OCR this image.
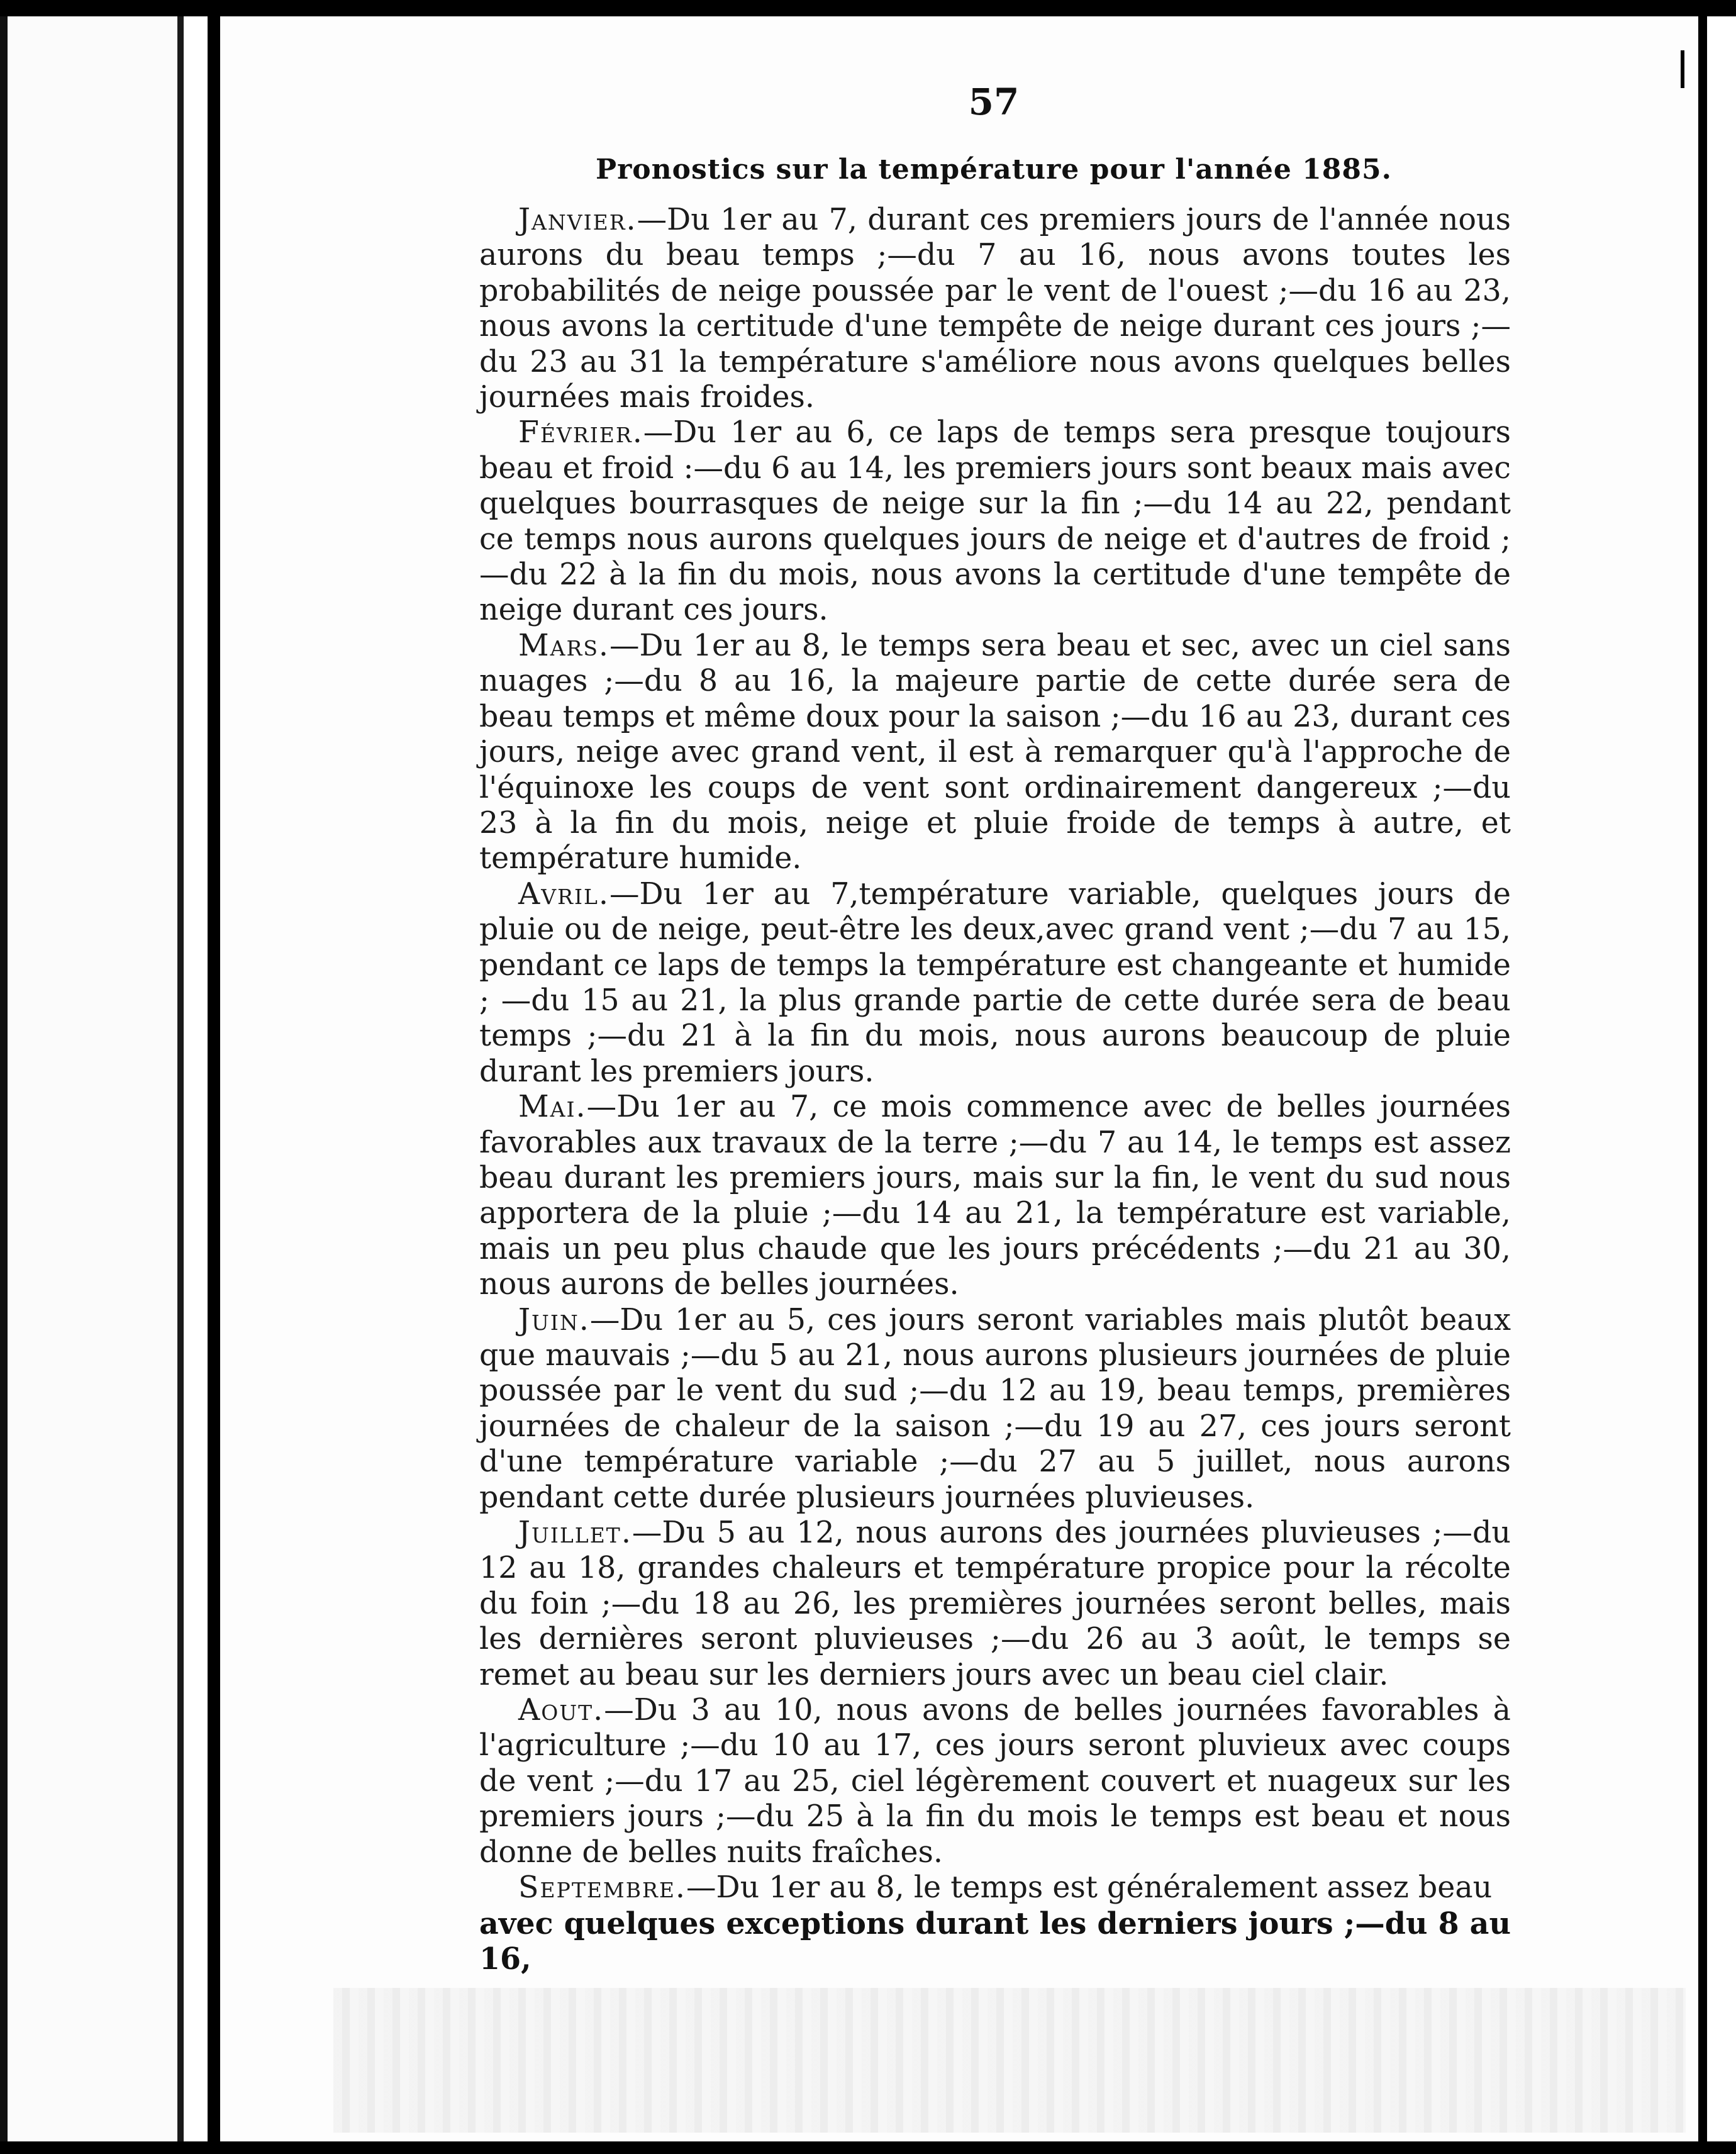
57
Pronostics sur la température pour l'année 1885.

Janvier.—Du 1er au 7, durant ces premiers jours de l'année nous aurons du beau temps ;—du 7 au 16, nous avons toutes les probabilités de neige poussée par le vent de l'ouest ;—du 16 au 23, nous avons la certitude d'une tempête de neige durant ces jours ;—du 23 au 31 la température s'améliore nous avons quelques belles journées mais froides.

Février.—Du 1er au 6, ce laps de temps sera presque toujours beau et froid :—du 6 au 14, les premiers jours sont beaux mais avec quelques bourrasques de neige sur la fin ;—du 14 au 22, pendant ce temps nous aurons quelques jours de neige et d'autres de froid ; —du 22 à la fin du mois, nous avons la certitude d'une tempête de neige durant ces jours.

Mars.—Du 1er au 8, le temps sera beau et sec, avec un ciel sans nuages ;—du 8 au 16, la majeure partie de cette durée sera de beau temps et même doux pour la saison ;—du 16 au 23, durant ces jours, neige avec grand vent, il est à remarquer qu'à l'approche de l'équinoxe les coups de vent sont ordinairement dangereux ;—du 23 à la fin du mois, neige et pluie froide de temps à autre, et température humide.

Avril.—Du 1er au 7,température variable, quelques jours de pluie ou de neige, peut-être les deux,avec grand vent ;—du 7 au 15, pendant ce laps de temps la température est changeante et humide ; —du 15 au 21, la plus grande partie de cette durée sera de beau temps ;—du 21 à la fin du mois, nous aurons beaucoup de pluie durant les premiers jours.

Mai.—Du 1er au 7, ce mois commence avec de belles journées favorables aux travaux de la terre ;—du 7 au 14, le temps est assez beau durant les premiers jours, mais sur la fin, le vent du sud nous apportera de la pluie ;—du 14 au 21, la température est variable, mais un peu plus chaude que les jours précédents ;—du 21 au 30, nous aurons de belles journées.

Juin.—Du 1er au 5, ces jours seront variables mais plutôt beaux que mauvais ;—du 5 au 21, nous aurons plusieurs journées de pluie poussée par le vent du sud ;—du 12 au 19, beau temps, premières journées de chaleur de la saison ;—du 19 au 27, ces jours seront d'une température variable ;—du 27 au 5 juillet, nous aurons pendant cette durée plusieurs journées pluvieuses.

Juillet.—Du 5 au 12, nous aurons des journées pluvieuses ;—du 12 au 18, grandes chaleurs et température propice pour la récolte du foin ;—du 18 au 26, les premières journées seront belles, mais les dernières seront pluvieuses ;—du 26 au 3 août, le temps se remet au beau sur les derniers jours avec un beau ciel clair.

Aout.—Du 3 au 10, nous avons de belles journées favorables à l'agriculture ;—du 10 au 17, ces jours seront pluvieux avec coups de vent ;—du 17 au 25, ciel légèrement couvert et nuageux sur les premiers jours ;—du 25 à la fin du mois le temps est beau et nous donne de belles nuits fraîches.

Septembre.—Du 1er au 8, le temps est généralement assez beau

avec quelques exceptions durant les derniers jours ;—du 8 au 16,
